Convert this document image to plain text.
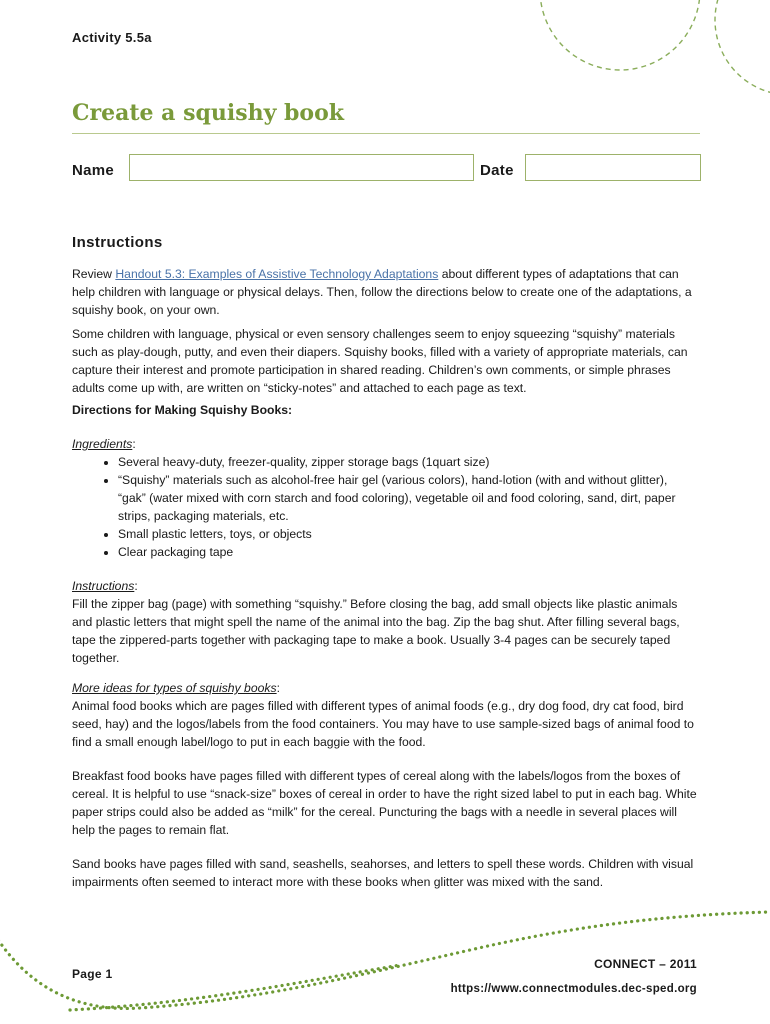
Activity 5.5a
Create a squishy book
Name	Date
Instructions

Review Handout 5.3: Examples of Assistive Technology Adaptations about different types of adaptations that can help children with language or physical delays. Then, follow the directions below to create one of the adaptations, a squishy book, on your own.

Some children with language, physical or even sensory challenges seem to enjoy squeezing “squishy” materials such as play-dough, putty, and even their diapers. Squishy books, filled with a variety of appropriate materials, can capture their interest and promote participation in shared reading. Children’s own comments, or simple phrases adults come up with, are written on “sticky-notes” and attached to each page as text.

Directions for Making Squishy Books:

Ingredients:

• Several heavy-duty, freezer-quality, zipper storage bags (1quart size)
• “Squishy” materials such as alcohol-free hair gel (various colors), hand-lotion (with and without glitter), “gak” (water mixed with corn starch and food coloring), vegetable oil and food coloring, sand, dirt, paper strips, packaging materials, etc.
• Small plastic letters, toys, or objects
• Clear packaging tape

Instructions:

Fill the zipper bag (page) with something “squishy.” Before closing the bag, add small objects like plastic animals and plastic letters that might spell the name of the animal into the bag. Zip the bag shut. After filling several bags, tape the zippered-parts together with packaging tape to make a book. Usually 3-4 pages can be securely taped together.

More ideas for types of squishy books:

Animal food books which are pages filled with different types of animal foods (e.g., dry dog food, dry cat food, bird seed, hay) and the logos/labels from the food containers. You may have to use sample-sized bags of animal food to find a small enough label/logo to put in each baggie with the food.

Breakfast food books have pages filled with different types of cereal along with the labels/logos from the boxes of cereal. It is helpful to use “snack-size” boxes of cereal in order to have the right sized label to put in each bag. White paper strips could also be added as “milk” for the cereal. Puncturing the bags with a needle in several places will help the pages to remain flat.

Sand books have pages filled with sand, seashells, seahorses, and letters to spell these words. Children with visual impairments often seemed to interact more with these books when glitter was mixed with the sand.

Page 1
CONNECT – 2011
https://www.connectmodules.dec-sped.org
